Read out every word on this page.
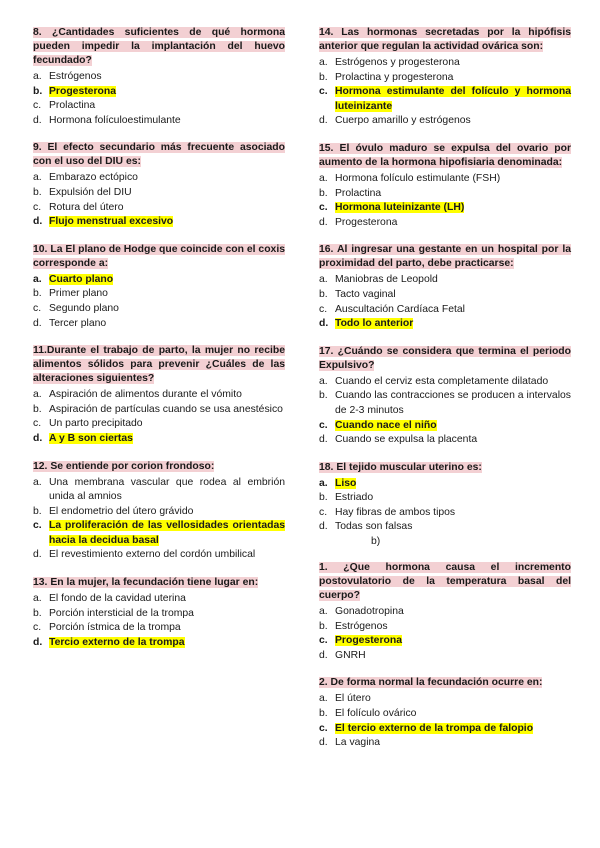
8. ¿Cantidades suficientes de qué hormona pueden impedir la implantación del huevo fecundado?

a. Estrógenos
b. Progesterona
c. Prolactina
d. Hormona folículoestimulante

9. El efecto secundario más frecuente asociado con el uso del DIU es:

a. Embarazo ectópico
b. Expulsión del DIU
c. Rotura del útero
d. Flujo menstrual excesivo

10. La El plano de Hodge que coincide con el coxis corresponde a:

a. Cuarto plano
b. Primer plano
c. Segundo plano
d. Tercer plano

11.Durante el trabajo de parto, la mujer no recibe alimentos sólidos para prevenir ¿Cuáles de las alteraciones siguientes?

a. Aspiración de alimentos durante el vómito
b. Aspiración de partículas cuando se usa anestésico
c. Un parto precipitado
d. A y B son ciertas

12. Se entiende por corion frondoso:

a. Una membrana vascular que rodea al embrión unida al amnios
b. El endometrio del útero grávido
c. La proliferación de las vellosidades orientadas hacia la decidua basal
d. El revestimiento externo del cordón umbilical

13. En la mujer, la fecundación tiene lugar en:

a. El fondo de la cavidad uterina
b. Porción intersticial de la trompa
c. Porción ístmica de la trompa
d. Tercio externo de la trompa

14. Las hormonas secretadas por la hipófisis anterior que regulan la actividad ovárica son:

a. Estrógenos y progesterona
b. Prolactina y progesterona
c. Hormona estimulante del folículo y hormona luteinizante
d. Cuerpo amarillo y estrógenos

15. El óvulo maduro se expulsa del ovario por aumento de la hormona hipofisiaria denominada:

a. Hormona folículo estimulante (FSH)
b. Prolactina
c. Hormona luteinizante (LH)
d. Progesterona

16. Al ingresar una gestante en un hospital por la proximidad del parto, debe practicarse:

a. Maniobras de Leopold
b. Tacto vaginal
c. Auscultación Cardíaca Fetal
d. Todo lo anterior

17. ¿Cuándo se considera que termina el periodo Expulsivo?

a. Cuando el cerviz esta completamente dilatado
b. Cuando las contracciones se producen a intervalos de 2-3 minutos
c. Cuando nace el niño
d. Cuando se expulsa la placenta

18. El tejido muscular uterino es:

a. Liso
b. Estriado
c. Hay fibras de ambos tipos
d. Todas son falsas
b)

1. ¿Que hormona causa el incremento postovulatorio de la temperatura basal del cuerpo?

a. Gonadotropina
b. Estrógenos
c. Progesterona
d. GNRH

2. De forma normal la fecundación ocurre en:

a. El útero
b. El folículo ovárico
c. El tercio externo de la trompa de falopio
d. La vagina
